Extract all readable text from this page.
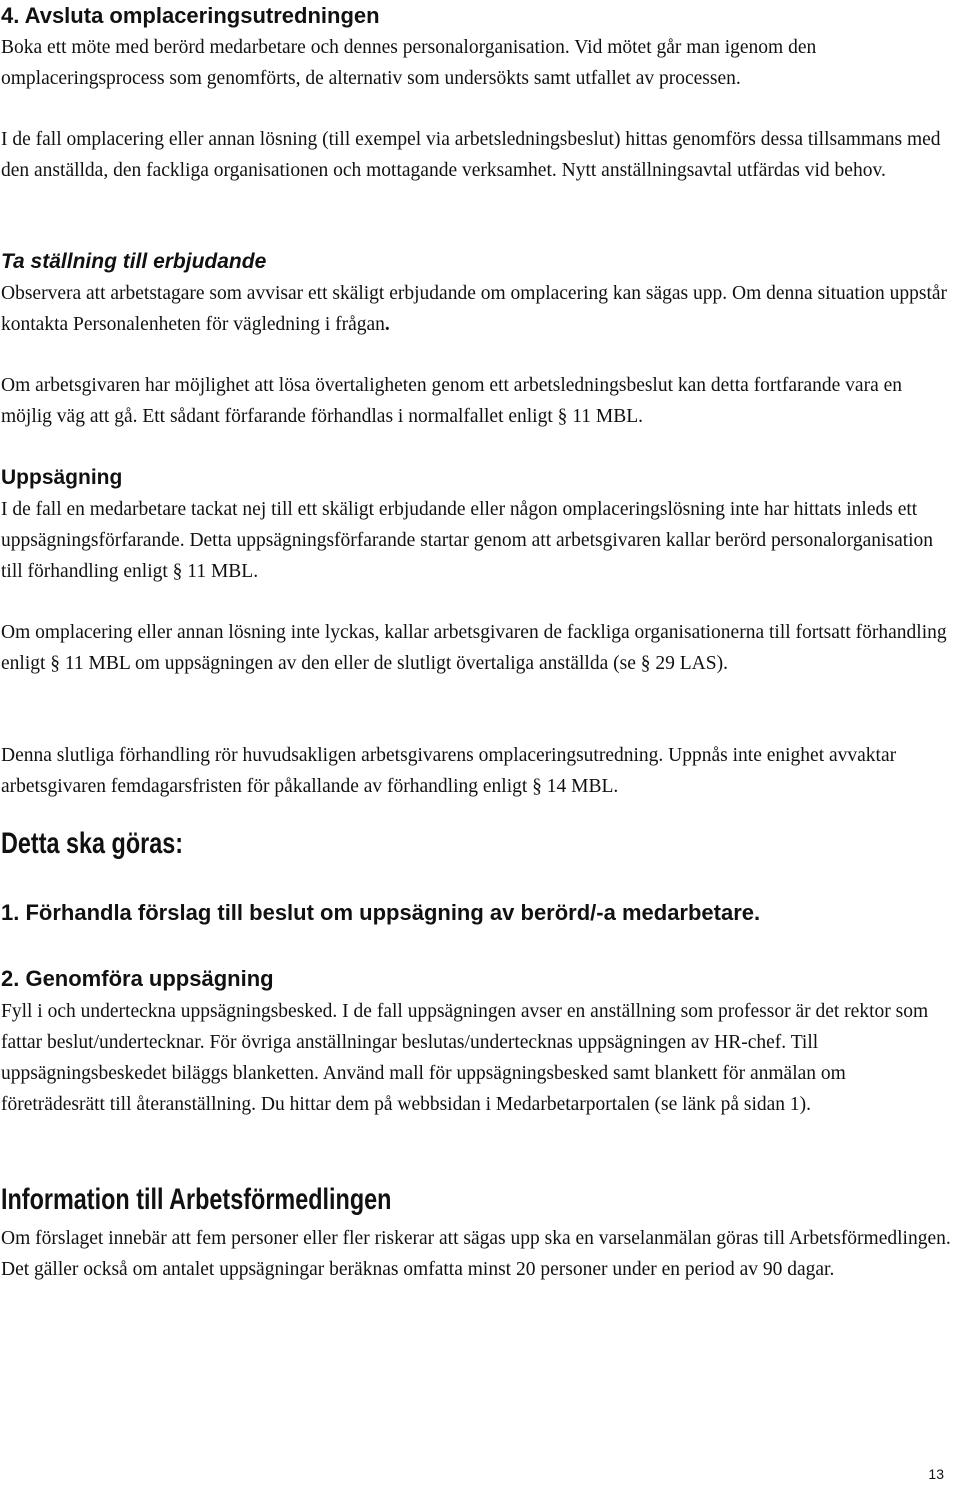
4. Avsluta omplaceringsutredningen

Boka ett möte med berörd medarbetare och dennes personalorganisation. Vid mötet går man igenom den omplaceringsprocess som genomförts, de alternativ som undersökts samt utfallet av processen.

I de fall omplacering eller annan lösning (till exempel via arbetsledningsbeslut) hittas genomförs dessa tillsammans med den anställda, den fackliga organisationen och mottagande verksamhet. Nytt anställningsavtal utfärdas vid behov.

Ta ställning till erbjudande

Observera att arbetstagare som avvisar ett skäligt erbjudande om omplacering kan sägas upp. Om denna situation uppstår kontakta Personalenheten för vägledning i frågan.

Om arbetsgivaren har möjlighet att lösa övertaligheten genom ett arbetsledningsbeslut kan detta fortfarande vara en möjlig väg att gå. Ett sådant förfarande förhandlas i normalfallet enligt § 11 MBL.

Uppsägning

I de fall en medarbetare tackat nej till ett skäligt erbjudande eller någon omplaceringslösning inte har hittats inleds ett uppsägningsförfarande. Detta uppsägningsförfarande startar genom att arbetsgivaren kallar berörd personalorganisation till förhandling enligt § 11 MBL.

Om omplacering eller annan lösning inte lyckas, kallar arbetsgivaren de fackliga organisationerna till fortsatt förhandling enligt § 11 MBL om uppsägningen av den eller de slutligt övertaliga anställda (se § 29 LAS).

Denna slutliga förhandling rör huvudsakligen arbetsgivarens omplaceringsutredning. Uppnås inte enighet avvaktar arbetsgivaren femdagarsfristen för påkallande av förhandling enligt § 14 MBL.

Detta ska göras:
1. Förhandla förslag till beslut om uppsägning av berörd/-a medarbetare.
2. Genomföra uppsägning

Fyll i och underteckna uppsägningsbesked. I de fall uppsägningen avser en anställning som professor är det rektor som fattar beslut/undertecknar. För övriga anställningar beslutas/undertecknas uppsägningen av HR-chef. Till uppsägningsbeskedet biläggs blanketten. Använd mall för uppsägningsbesked samt blankett för anmälan om företrädesrätt till återanställning. Du hittar dem på webbsidan i Medarbetarportalen (se länk på sidan 1).

Information till Arbetsförmedlingen

Om förslaget innebär att fem personer eller fler riskerar att sägas upp ska en varselanmälan göras till Arbetsförmedlingen. Det gäller också om antalet uppsägningar beräknas omfatta minst 20 personer under en period av 90 dagar.

13
